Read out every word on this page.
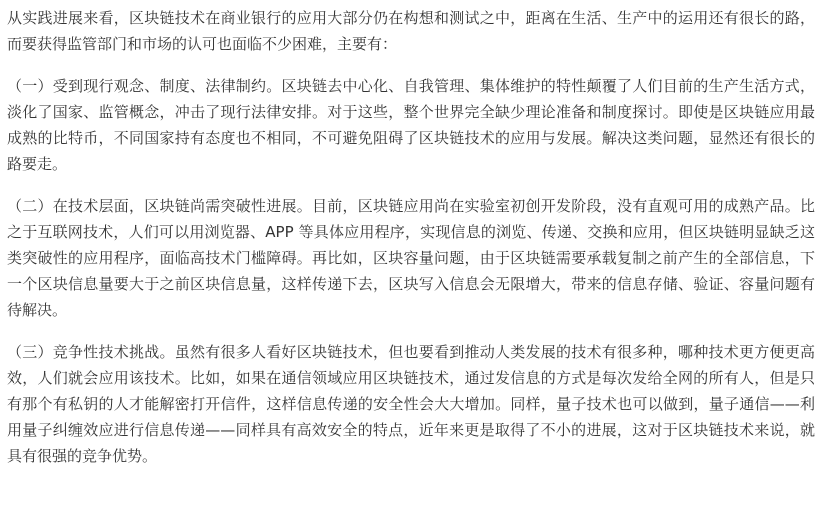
从实践进展来看，区块链技术在商业银行的应用大部分仍在构想和测试之中，距离在生活、生产中的运用还有很长的路，而要获得监管部门和市场的认可也面临不少困难，主要有：

（一）受到现行观念、制度、法律制约。区块链去中心化、自我管理、集体维护的特性颠覆了人们目前的生产生活方式，淡化了国家、监管概念，冲击了现行法律安排。对于这些，整个世界完全缺少理论准备和制度探讨。即使是区块链应用最成熟的比特币，不同国家持有态度也不相同，不可避免阻碍了区块链技术的应用与发展。解决这类问题，显然还有很长的路要走。

（二）在技术层面，区块链尚需突破性进展。目前，区块链应用尚在实验室初创开发阶段，没有直观可用的成熟产品。比之于互联网技术，人们可以用浏览器、APP 等具体应用程序，实现信息的浏览、传递、交换和应用，但区块链明显缺乏这类突破性的应用程序，面临高技术门槛障碍。再比如，区块容量问题，由于区块链需要承载复制之前产生的全部信息，下一个区块信息量要大于之前区块信息量，这样传递下去，区块写入信息会无限增大，带来的信息存储、验证、容量问题有待解决。

（三）竞争性技术挑战。虽然有很多人看好区块链技术，但也要看到推动人类发展的技术有很多种，哪种技术更方便更高效，人们就会应用该技术。比如，如果在通信领域应用区块链技术，通过发信息的方式是每次发给全网的所有人，但是只有那个有私钥的人才能解密打开信件，这样信息传递的安全性会大大增加。同样，量子技术也可以做到，量子通信——利用量子纠缠效应进行信息传递——同样具有高效安全的特点，近年来更是取得了不小的进展，这对于区块链技术来说，就具有很强的竞争优势。
